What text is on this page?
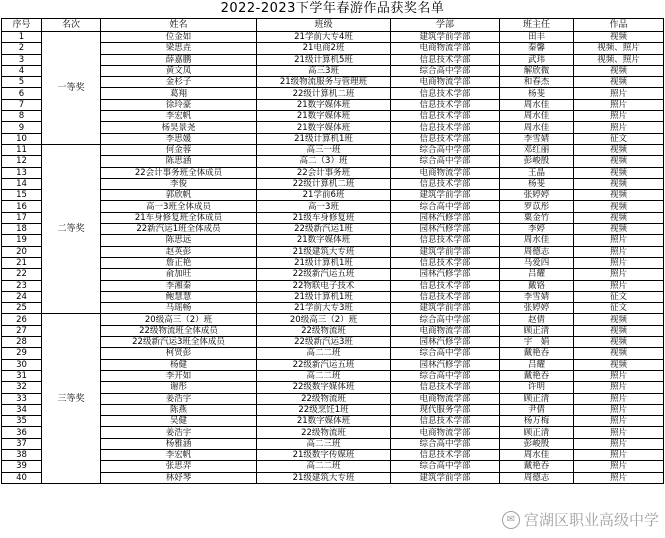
2022-2023下学年春游作品获奖名单
序号	名次	姓名	班级	学部	班主任	作品
1	一等奖	位金如	21学前大专4班	建筑学前学部	田丰	视频
2		梁思垚	21电商2班	电商物流学部	秦馨	视频、照片
3		薛嘉鹏	21级计算机5班	信息技术学部	武玮	视频、照片
4		黄文凤	高三3班	综合高中学部	解欣微	视频
5		金杉子	21级物流服务与管理班	电商物流学部	和春杰	视频
6		葛翔	22级计算机二班	信息技术学部	杨斐	照片
7		徐玲豪	21数字媒体班	信息技术学部	周水佳	照片
8		李宏帆	21数字媒体班	信息技术学部	周水佳	照片
9		杨昊景尧	21数字媒体班	信息技术学部	周水佳	照片
10		李思媛	21级计算机1班	信息技术学部	李雪婧	征文
11	二等奖	何金蓉	高三一班	综合高中学部	邓红丽	视频
12		陈思涵	高二（3）班	综合高中学部	彭峻殷	视频
13		22会计事务班全体成员	22会计事务班	电商物流学部	王晶	视频
14		李俊	22级计算机二班	信息技术学部	杨斐	视频
15		郭欣帆	21学前6班	建筑学前学部	张婷婷	视频
16		高一3班全体成员	高一3班	综合高中学部	罗苡彤	视频
17		21车身修复班全体成员	21级车身修复班	园林汽修学部	粟金竹	视频
18		22新汽运1班全体成员	22级新汽运1班	园林汽修学部	李婷	视频
19		陈思远	21数字媒体班	信息技术学部	周水佳	照片
20		赵英彭	21级建筑大专班	建筑学前学部	周德志	照片
21		詹正艳	21级计算机1班	信息技术学部	马爱四	照片
22		俞加旺	22级新汽运五班	园林汽修学部	吕耀	照片
23		李湘秦	22物联电子技术	信息技术学部	戴铬	照片
24		鲍慧慧	21级计算机1班	信息技术学部	李雪婧	征文
25		马瑶畅	21学前大专3班	建筑学前学部	张婷婷	征文
26	三等奖	20级高三（2）班	20级高三（2）班	综合高中学部	赵倩	视频
27		22级物流班全体成员	22级物流班	电商物流学部	顾正清	视频
28		22级新汽运3班全体成员	22级新汽运3班	园林汽修学部	宇　娟	视频
29		柯贤彭	高二二班	综合高中学部	戴艳吞	视频
30		杨健	22级新汽运五班	园林汽修学部	吕耀	视频
31		李开如	高二二班	综合高中学部	戴艳吞	照片
32		谢彤	22级数字媒体班	信息技术学部	许明	照片
33		姜浩宇	22级物流班	电商物流学部	顾正清	照片
34		陈燕	22级烹饪1班	现代服务学部	尹倩	照片
35		吴健	21数字媒体班	信息技术学部	杨万梅	照片
36		姜浩宇	22级物流班	电商物流学部	顾正清	照片
37		杨雅涵	高二三班	综合高中学部	彭峻殷	照片
38		李宏帆	21级数字传媒班	信息技术学部	周水佳	照片
39		张思羿	高二二班	综合高中学部	戴艳吞	照片
40		林妤琴	21级建筑大专班	建筑学前学部	周德志	照片
✉ 宫湖区职业高级中学
